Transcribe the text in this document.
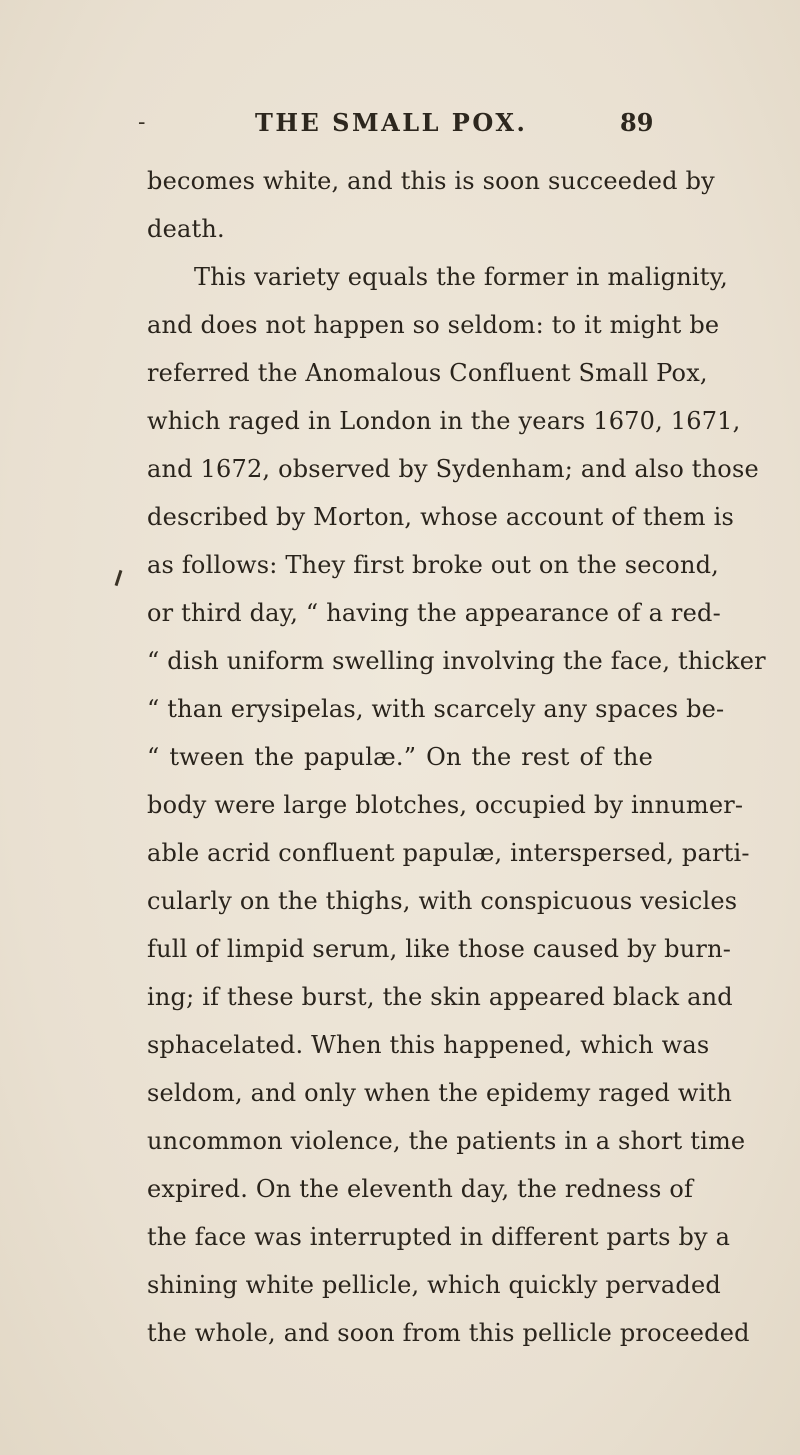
-	THE SMALL POX.	89
becomes white, and this is soon succeeded by
death.
This variety equals the former in malignity,
and does not happen so seldom: to it might be
referred the Anomalous Confluent Small Pox,
which raged in London in the years 1670, 1671,
and 1672, observed by Sydenham; and also those
described by Morton, whose account of them is
as follows: They first broke out on the second,
or third day, “ having the appearance of a red-
“ dish uniform swelling involving the face, thicker
“ than erysipelas, with scarcely any spaces be-
“ tween the papulæ.” On the rest of the
body were large blotches, occupied by innumer-
able acrid confluent papulæ, interspersed, parti-
cularly on the thighs, with conspicuous vesicles
full of limpid serum, like those caused by burn-
ing; if these burst, the skin appeared black and
sphacelated. When this happened, which was
seldom, and only when the epidemy raged with
uncommon violence, the patients in a short time
expired. On the eleventh day, the redness of
the face was interrupted in different parts by a
shining white pellicle, which quickly pervaded
the whole, and soon from this pellicle proceeded
